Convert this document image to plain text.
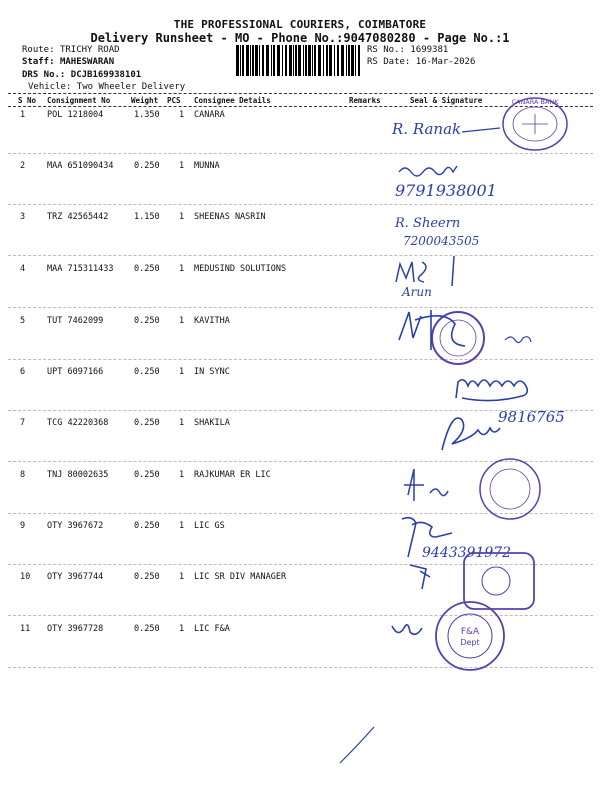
THE PROFESSIONAL COURIERS, COIMBATORE
Delivery Runsheet - MO - Phone No.:9047080280 - Page No.:1
Route: TRICHY ROAD
Staff: MAHESWARAN
DRS No.: DCJB169938101
Vehicle: Two Wheeler Delivery
RS No.: 1699381
RS Date: 16-Mar-2026
S No Consignment No	Weight PCS Consignee Details	Remarks	Seal & Signature
1	POL 1218004	1.350 1 CANARA
2	MAA 651090434 0.250 1 MUNNA
3	TRZ 42565442	1.150 1 SHEENAS NASRIN
4	MAA 715311433 0.250 1 MEDUSIND SOLUTIONS
5	TUT 7462099	0.250 1 KAVITHA
6	UPT 6097166	0.250 1 IN SYNC
7	TCG 42220368	0.250 1 SHAKILA
8	TNJ 80002635	0.250 1 RAJKUMAR ER LIC
9	OTY 3967672	0.250 1 LIC GS
10 OTY 3967744	0.250 1 LIC SR DIV MANAGER
11 OTY 3967728	0.250 1 LIC F&A
R. Ranak
CANARA BANK
9791938001
R. Sheern
7200043505
Arun
9816765
9443391972
F&A
Dept
